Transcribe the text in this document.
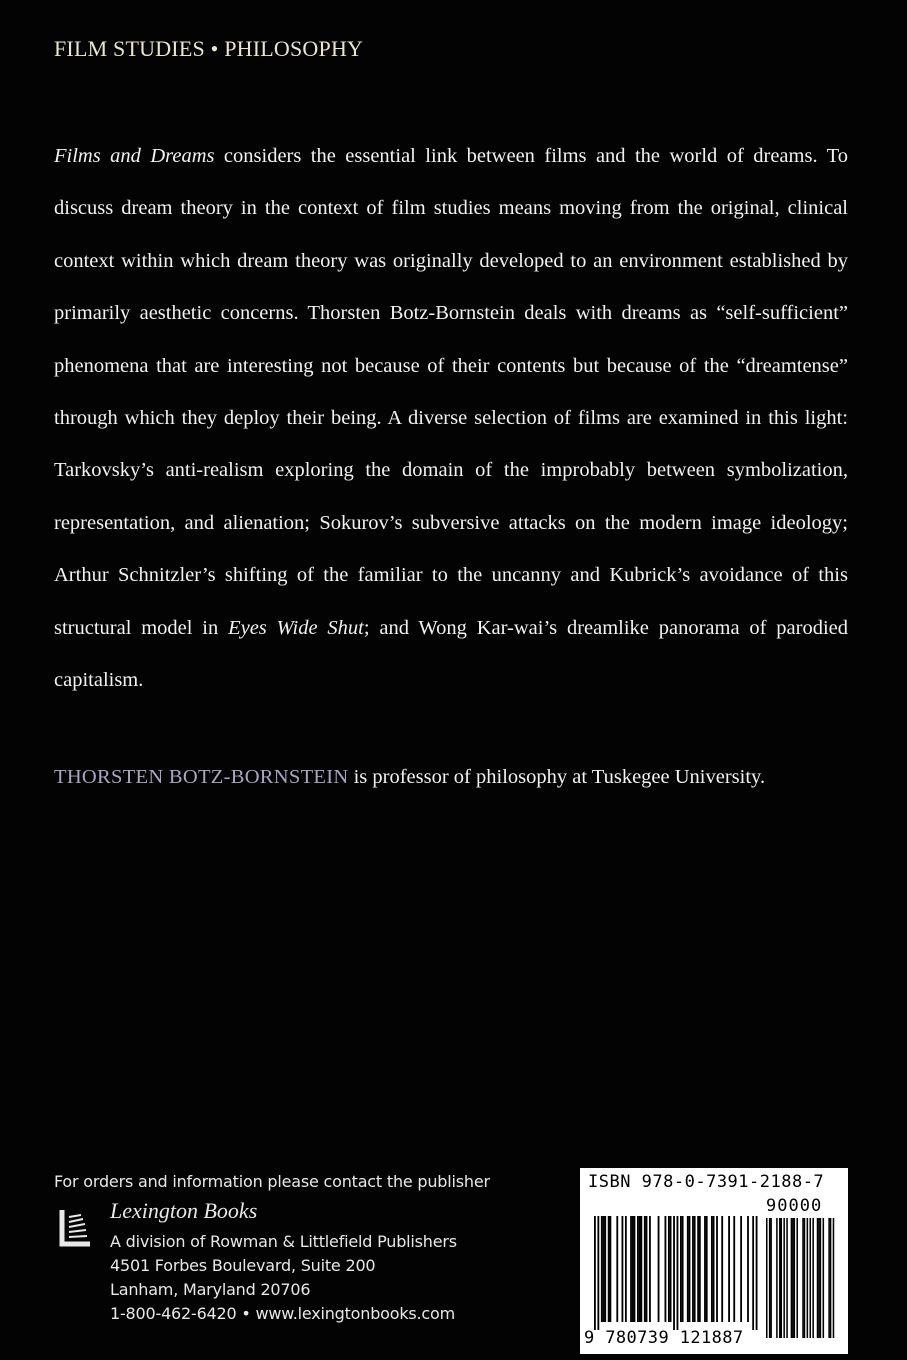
FILM STUDIES • PHILOSOPHY

Films and Dreams considers the essential link between films and the world of dreams. To discuss dream theory in the context of film studies means moving from the original, clinical context within which dream theory was originally developed to an environment established by primarily aesthetic concerns. Thorsten Botz-Bornstein deals with dreams as “self-sufficient” phenomena that are interesting not because of their contents but because of the “dreamtense” through which they deploy their being. A diverse selection of films are examined in this light: Tarkovsky’s anti-realism exploring the domain of the improbably between symbolization, representation, and alienation; Sokurov’s subversive attacks on the modern image ideology; Arthur Schnitzler’s shifting of the familiar to the uncanny and Kubrick’s avoidance of this structural model in Eyes Wide Shut; and Wong Kar-wai’s dreamlike panorama of parodied capitalism.

THORSTEN BOTZ-BORNSTEIN is professor of philosophy at Tuskegee University.
For orders and information please contact the publisher
Lexington Books
A division of Rowman & Littlefield Publishers
4501 Forbes Boulevard, Suite 200
Lanham, Maryland 20706
1-800-462-6420 • www.lexingtonbooks.com
ISBN 978-0-7391-2188-7
90000
9 780739 121887
